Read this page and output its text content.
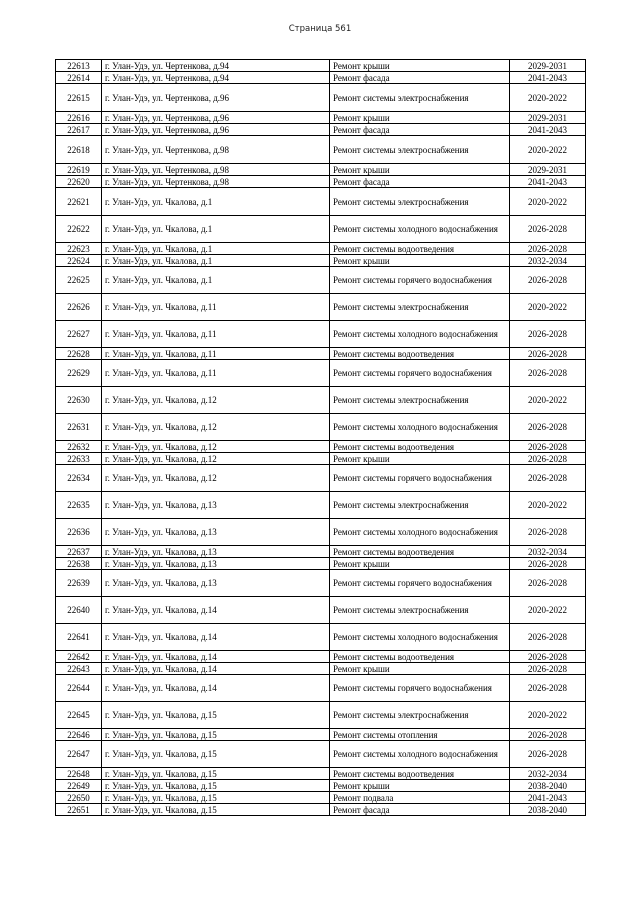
Страница 561
22613	г. Улан-Удэ, ул. Чертенкова, д.94	Ремонт крыши	2029-2031
22614	г. Улан-Удэ, ул. Чертенкова, д.94	Ремонт фасада	2041-2043
22615	г. Улан-Удэ, ул. Чертенкова, д.96	Ремонт системы электроснабжения	2020-2022
22616	г. Улан-Удэ, ул. Чертенкова, д.96	Ремонт крыши	2029-2031
22617	г. Улан-Удэ, ул. Чертенкова, д.96	Ремонт фасада	2041-2043
22618	г. Улан-Удэ, ул. Чертенкова, д.98	Ремонт системы электроснабжения	2020-2022
22619	г. Улан-Удэ, ул. Чертенкова, д.98	Ремонт крыши	2029-2031
22620	г. Улан-Удэ, ул. Чертенкова, д.98	Ремонт фасада	2041-2043
22621	г. Улан-Удэ, ул. Чкалова, д.1	Ремонт системы электроснабжения	2020-2022
22622	г. Улан-Удэ, ул. Чкалова, д.1	Ремонт системы холодного водоснабжения	2026-2028
22623	г. Улан-Удэ, ул. Чкалова, д.1	Ремонт системы водоотведения	2026-2028
22624	г. Улан-Удэ, ул. Чкалова, д.1	Ремонт крыши	2032-2034
22625	г. Улан-Удэ, ул. Чкалова, д.1	Ремонт системы горячего водоснабжения	2026-2028
22626	г. Улан-Удэ, ул. Чкалова, д.11	Ремонт системы электроснабжения	2020-2022
22627	г. Улан-Удэ, ул. Чкалова, д.11	Ремонт системы холодного водоснабжения	2026-2028
22628	г. Улан-Удэ, ул. Чкалова, д.11	Ремонт системы водоотведения	2026-2028
22629	г. Улан-Удэ, ул. Чкалова, д.11	Ремонт системы горячего водоснабжения	2026-2028
22630	г. Улан-Удэ, ул. Чкалова, д.12	Ремонт системы электроснабжения	2020-2022
22631	г. Улан-Удэ, ул. Чкалова, д.12	Ремонт системы холодного водоснабжения	2026-2028
22632	г. Улан-Удэ, ул. Чкалова, д.12	Ремонт системы водоотведения	2026-2028
22633	г. Улан-Удэ, ул. Чкалова, д.12	Ремонт крыши	2026-2028
22634	г. Улан-Удэ, ул. Чкалова, д.12	Ремонт системы горячего водоснабжения	2026-2028
22635	г. Улан-Удэ, ул. Чкалова, д.13	Ремонт системы электроснабжения	2020-2022
22636	г. Улан-Удэ, ул. Чкалова, д.13	Ремонт системы холодного водоснабжения	2026-2028
22637	г. Улан-Удэ, ул. Чкалова, д.13	Ремонт системы водоотведения	2032-2034
22638	г. Улан-Удэ, ул. Чкалова, д.13	Ремонт крыши	2026-2028
22639	г. Улан-Удэ, ул. Чкалова, д.13	Ремонт системы горячего водоснабжения	2026-2028
22640	г. Улан-Удэ, ул. Чкалова, д.14	Ремонт системы электроснабжения	2020-2022
22641	г. Улан-Удэ, ул. Чкалова, д.14	Ремонт системы холодного водоснабжения	2026-2028
22642	г. Улан-Удэ, ул. Чкалова, д.14	Ремонт системы водоотведения	2026-2028
22643	г. Улан-Удэ, ул. Чкалова, д.14	Ремонт крыши	2026-2028
22644	г. Улан-Удэ, ул. Чкалова, д.14	Ремонт системы горячего водоснабжения	2026-2028
22645	г. Улан-Удэ, ул. Чкалова, д.15	Ремонт системы электроснабжения	2020-2022
22646	г. Улан-Удэ, ул. Чкалова, д.15	Ремонт системы отопления	2026-2028
22647	г. Улан-Удэ, ул. Чкалова, д.15	Ремонт системы холодного водоснабжения	2026-2028
22648	г. Улан-Удэ, ул. Чкалова, д.15	Ремонт системы водоотведения	2032-2034
22649	г. Улан-Удэ, ул. Чкалова, д.15	Ремонт крыши	2038-2040
22650	г. Улан-Удэ, ул. Чкалова, д.15	Ремонт подвала	2041-2043
22651	г. Улан-Удэ, ул. Чкалова, д.15	Ремонт фасада	2038-2040
